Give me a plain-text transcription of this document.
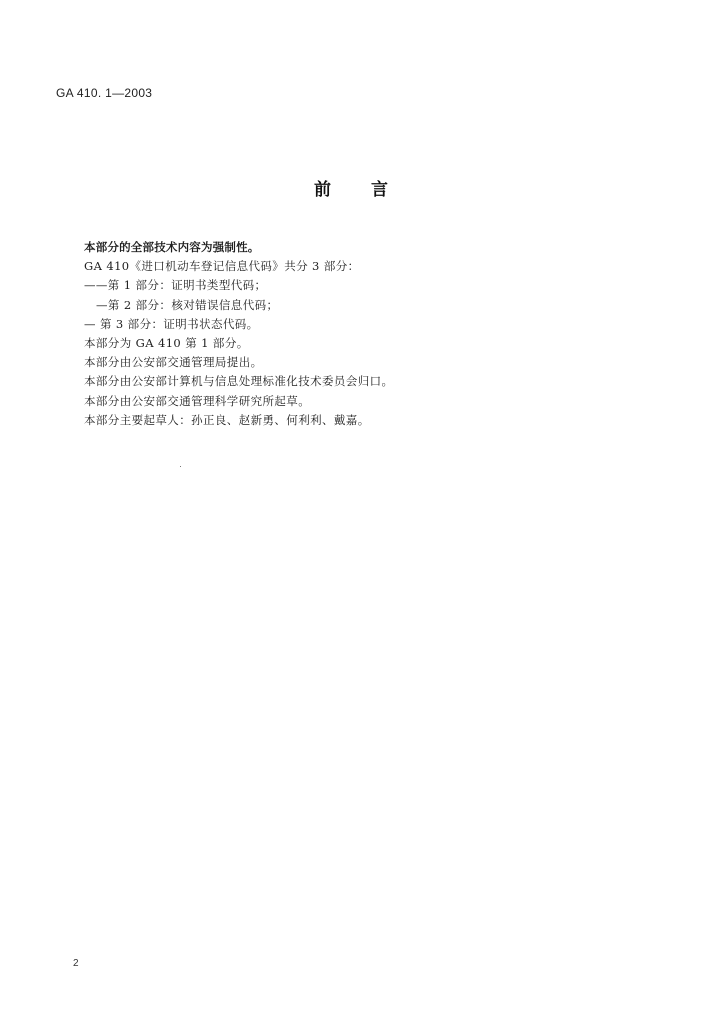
GA 410. 1—2003
前 言
本部分的全部技术内容为强制性。
GA 410《进口机动车登记信息代码》共分 3 部分：
——第 1 部分：证明书类型代码；
—第 2 部分：核对错误信息代码；
— 第 3 部分：证明书状态代码。
本部分为 GA 410 第 1 部分。
本部分由公安部交通管理局提出。
本部分由公安部计算机与信息处理标准化技术委员会归口。
本部分由公安部交通管理科学研究所起草。
本部分主要起草人：孙正良、赵新勇、何利利、戴嘉。
2
